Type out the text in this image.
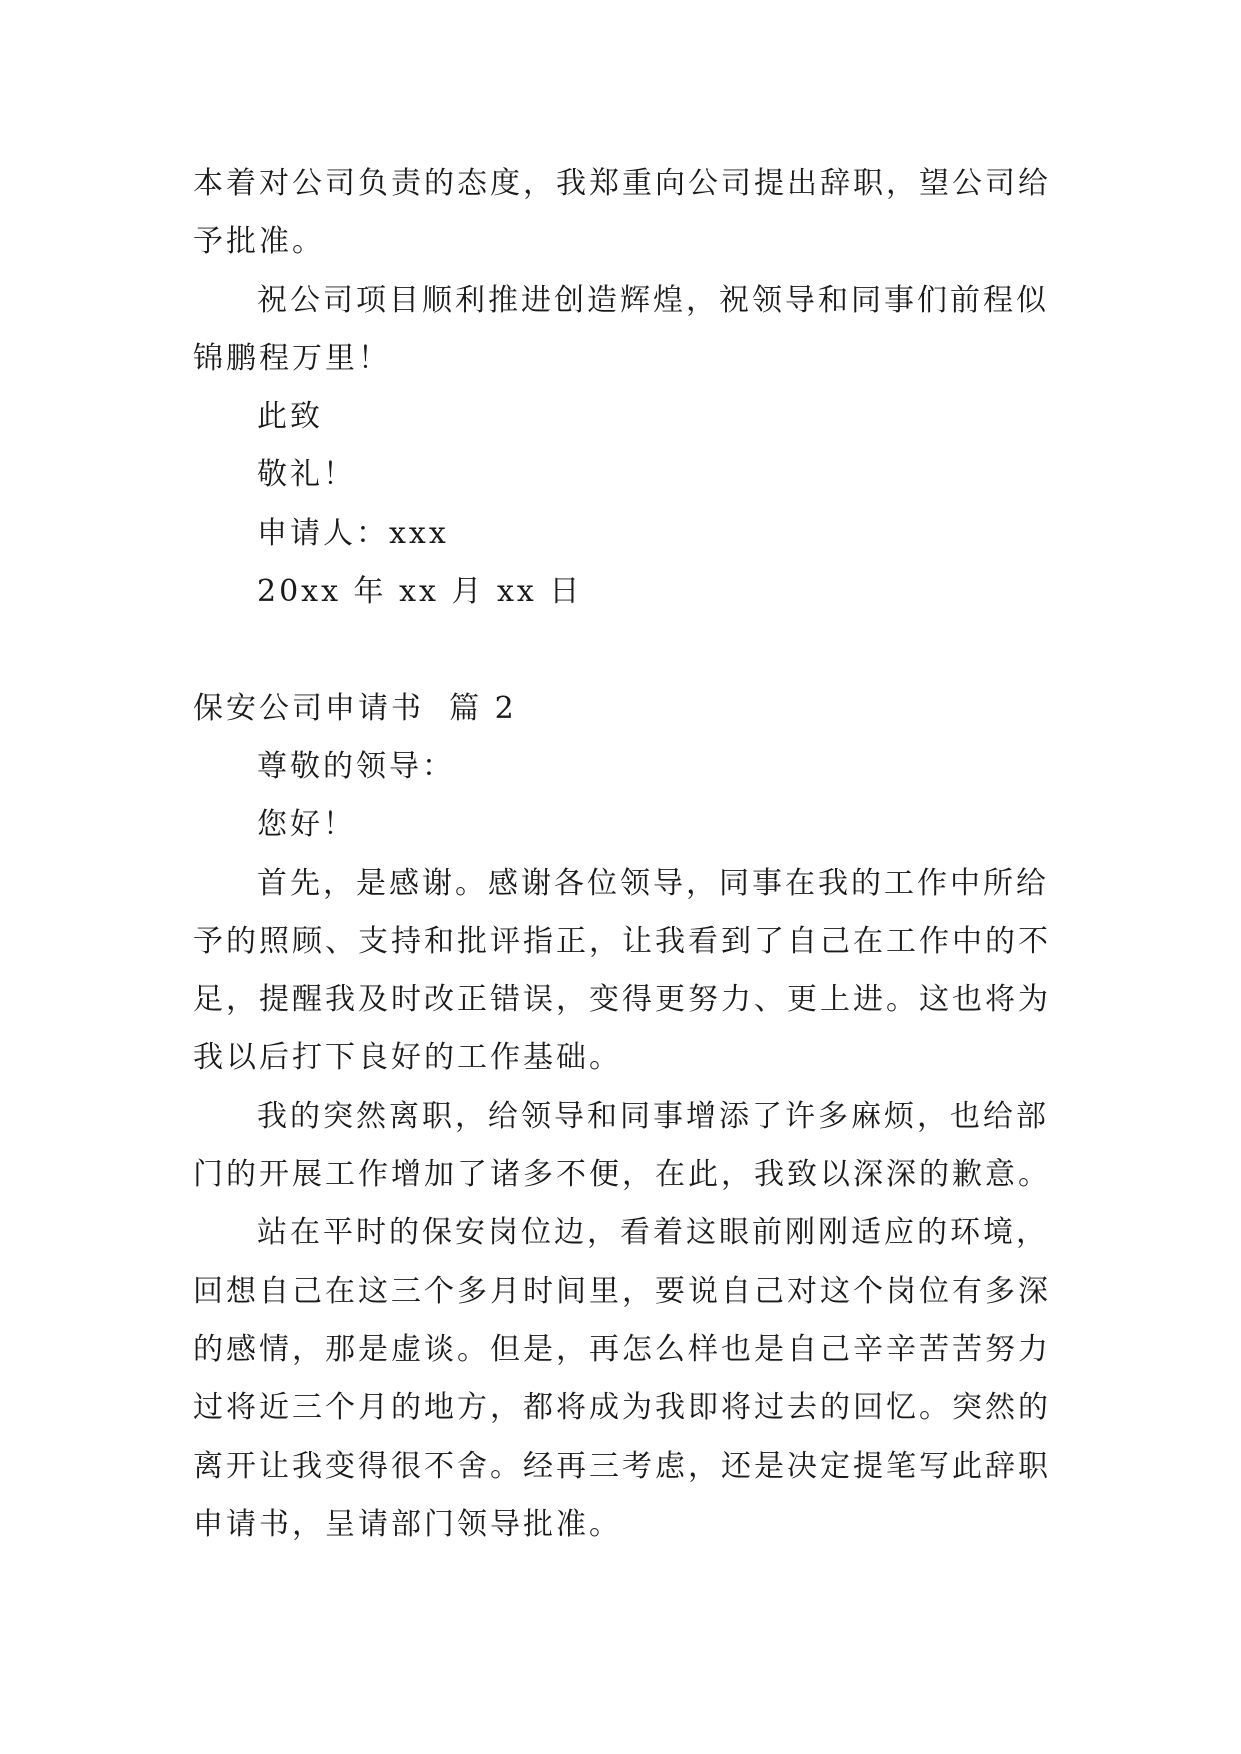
本着对公司负责的态度，我郑重向公司提出辞职，望公司给
予批准。
祝公司项目顺利推进创造辉煌，祝领导和同事们前程似
锦鹏程万里！
此致
敬礼！
申请人：xxx
20xx 年 xx 月 xx 日
保安公司申请书  篇 2
尊敬的领导：
您好！
首先，是感谢。感谢各位领导，同事在我的工作中所给
予的照顾、支持和批评指正，让我看到了自己在工作中的不
足，提醒我及时改正错误，变得更努力、更上进。这也将为
我以后打下良好的工作基础。
我的突然离职，给领导和同事增添了许多麻烦，也给部
门的开展工作增加了诸多不便，在此，我致以深深的歉意。
站在平时的保安岗位边，看着这眼前刚刚适应的环境，
回想自己在这三个多月时间里，要说自己对这个岗位有多深
的感情，那是虚谈。但是，再怎么样也是自己辛辛苦苦努力
过将近三个月的地方，都将成为我即将过去的回忆。突然的
离开让我变得很不舍。经再三考虑，还是决定提笔写此辞职
申请书，呈请部门领导批准。
